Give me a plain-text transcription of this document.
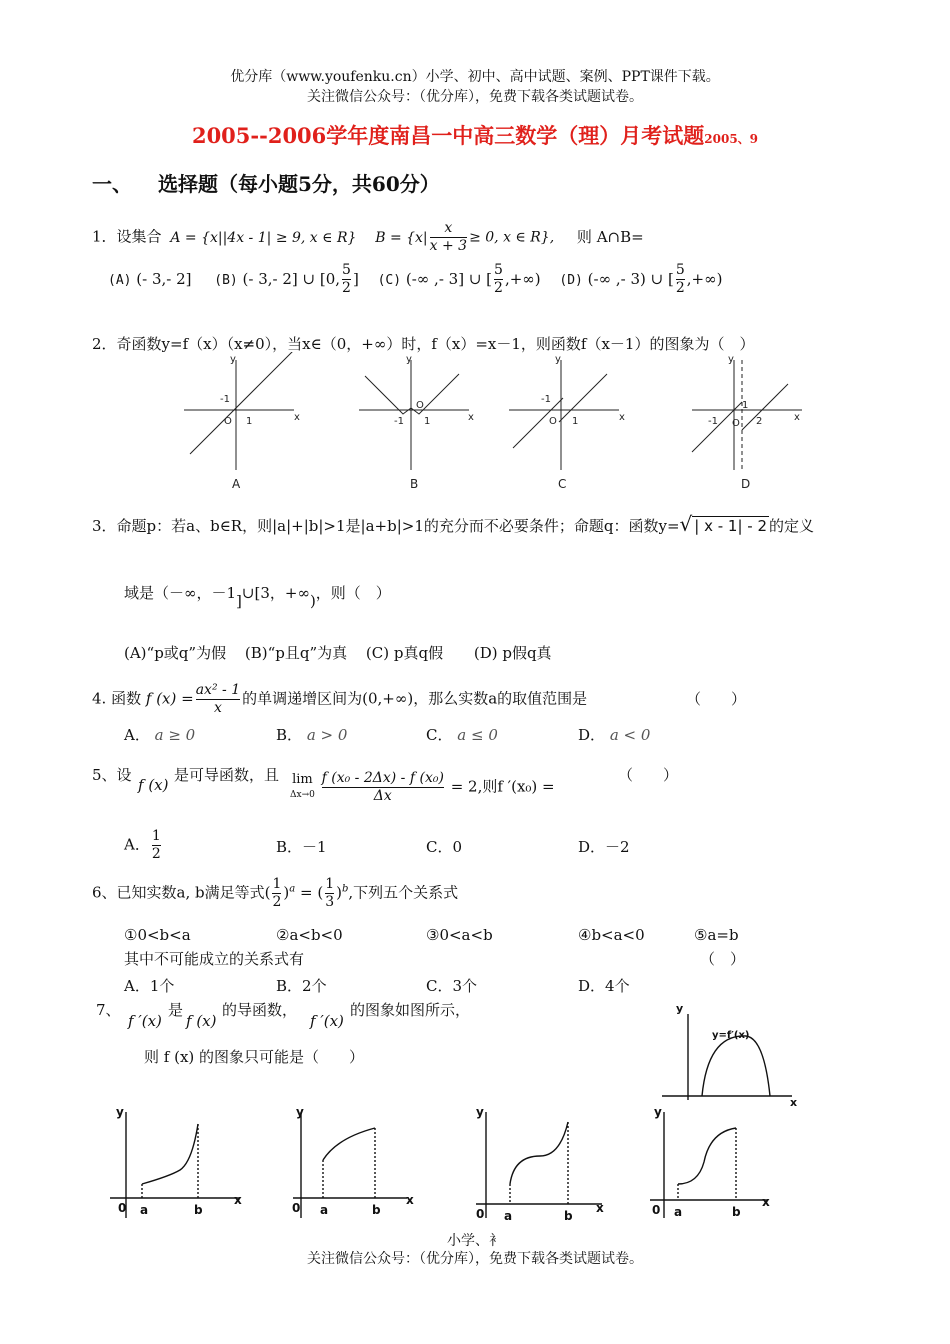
优分库（www.youfenku.cn）小学、初中、高中试题、案例、PPT课件下载。
关注微信公众号：（优分库），免费下载各类试题试卷。
2005--2006学年度南昌一中高三数学（理）月考试题2005、9
一、 选择题（每小题5分，共60分）
1．设集合 A = {x||4x - 1| ≥ 9, x ∈ R} $B = \{x| \frac{x}{x + 3} \ge 0$, x ∈ R}, 则 A∩B=
(A) (- 3,- 2] (B) (- 3,- 2] ∪ [0, $\frac{5}{2}$ ] (C) (-∞ ,- 3] ∪ [ $\frac{5}{2}$ ,+∞) (D) (-∞ ,- 3) ∪ [ $\frac{5}{2}$ ,+∞)
2．奇函数y=f（x）（x≠0），当x∈（0，+∞）时，f（x）=x－1，则函数f（x－1）的图象为（　）
-1
O 1	x
y
-1
O
1	x
y
-1
O 1	x
y
-1 O
1
2	x
y
A	B	C	D
3．命题p：若a、b∈R，则|a|+|b|>1是|a+b|>1的充分而不必要条件；命题q：函数y=√ | x - 1| - 2 的定义
域是（－∞，－1]∪[3，+∞)，则（　）
(A)“p或q”为假 (B)“p且q”为真 (C) p真q假 (D) p假q真
4. 函数 f $(x) = \frac{\text{ax² - 1}}{x}$ 的单调递增区间为(0,+∞)，那么实数a的取值范围是	（　　）
A． a ≥ 0	B． a > 0	C． a ≤ 0	D． a < 0
5、设
f (x)
是可导函数，且 lim
$\Delta x\to 0 \frac{\text{f (x₀ - 2Δx) - f (x₀)}}{\Delta x} = 2$,则f ′(x₀) =
（　　）
A． $\frac{1}{2}$	B．－1	C．0	D．－2
6、已知实数a, b满足等式( $\frac{1}{2} )^a$ = ( $\frac{1}{3} )^b$,下列五个关系式
①0<b<a	②a<b<0	③0<a<b	④b<a<0	⑤a=b
其中不可能成立的关系式有	（　）
A．1个	B．2个	C．3个	D．4个
7、
f ′(x)
是
f (x)
的导函数，
f ′(x)
的图象如图所示，
则 f (x) 的图象只可能是（　　）
y
x
y=f′(x)
y
0 a	b
x
y
0 a	b
x
y
0 a	b
x
y
0 a	b
x
小学、衤
关注微信公众号：（优分库），免费下载各类试题试卷。
